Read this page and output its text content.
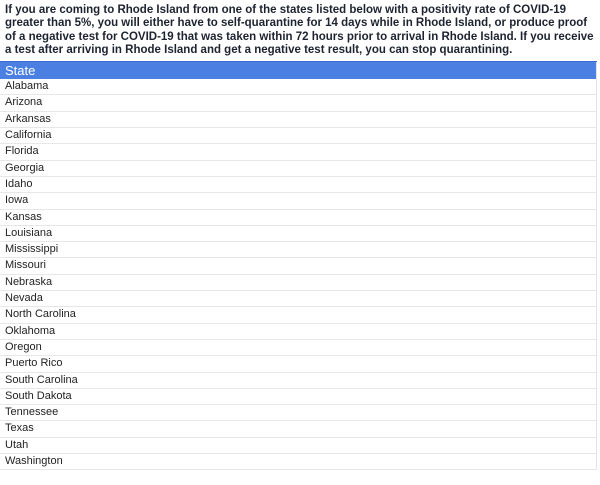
If you are coming to Rhode Island from one of the states listed below with a positivity rate of COVID-19 greater than 5%, you will either have to self-quarantine for 14 days while in Rhode Island, or produce proof of a negative test for COVID-19 that was taken within 72 hours prior to arrival in Rhode Island. If you receive a test after arriving in Rhode Island and get a negative test result, you can stop quarantining.
State
Alabama
Arizona
Arkansas
California
Florida
Georgia
Idaho
Iowa
Kansas
Louisiana
Mississippi
Missouri
Nebraska
Nevada
North Carolina
Oklahoma
Oregon
Puerto Rico
South Carolina
South Dakota
Tennessee
Texas
Utah
Washington
